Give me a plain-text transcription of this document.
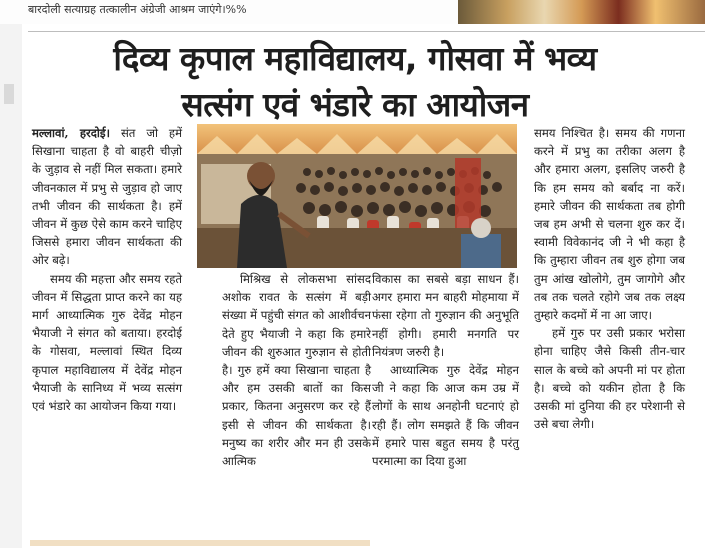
बारदोली सत्याग्रह तत्कालीन अंग्रेजी आश्रम जाएंगे।%%
दिव्य कृपाल महाविद्यालय, गोसवा में भव्य
सत्संग एवं भंडारे का आयोजन

मल्लावां, हरदोई। संत जो हमें सिखाना चाहता है वो बाहरी चीज़ो के जुड़ाव से नहीं मिल सकता। हमारे जीवनकाल में प्रभु से जुड़ाव हो जाए तभी जीवन की सार्थकता है। हमें जीवन में कुछ ऐसे काम करने चाहिए जिससे हमारा जीवन सार्थकता की ओर बढ़े।

समय की महत्ता और समय रहते जीवन में सिद्धता प्राप्त करने का यह मार्ग आध्यात्मिक गुरु देवेंद्र मोहन भैयाजी ने संगत को बताया। हरदोई के गोसवा, मल्लावां स्थित दिव्य कृपाल महाविद्यालय में देवेंद्र मोहन भैयाजी के सानिध्य में भव्य सत्संग एवं भंडारे का आयोजन किया गया।

मिश्रिख से लोकसभा सांसद अशोक रावत के सत्संग में बड़ी संख्या में पहुंची संगत को आशीर्वचन देते हुए भैयाजी ने कहा कि हमारे जीवन की शुरुआत गुरुज्ञान से होती है। गुरु हमें क्या सिखाना चाहता है और हम उसकी बातों का किस प्रकार, कितना अनुसरण कर रहे हैं इसी से जीवन की सार्थकता है। मनुष्य का शरीर और मन ही उसके आत्मिक

विकास का सबसे बड़ा साधन हैं। अगर हमारा मन बाहरी मोहमाया में फंसा रहेगा तो गुरुज्ञान की अनुभूति नहीं होगी। हमारी मनगति पर नियंत्रण जरुरी है।

आध्यात्मिक गुरु देवेंद्र मोहन जी ने कहा कि आज कम उम्र में लोगों के साथ अनहोनी घटनाएं हो रही हैं। लोग समझते हैं कि जीवन में हमारे पास बहुत समय है परंतु परमात्मा का दिया हुआ

समय निश्चित है। समय की गणना करने में प्रभु का तरीका अलग है और हमारा अलग, इसलिए जरुरी है कि हम समय को बर्बाद ना करें। हमारे जीवन की सार्थकता तब होगी जब हम अभी से चलना शुरु कर दें। स्वामी विवेकानंद जी ने भी कहा है कि तुम्हारा जीवन तब शुरु होगा जब तुम आंख खोलोगे, तुम जागोगे और तब तक चलते रहोगे जब तक लक्ष्य तुम्हारे कदमों में ना आ जाए।

हमें गुरु पर उसी प्रकार भरोसा होना चाहिए जैसे किसी तीन-चार साल के बच्चे को अपनी मां पर होता है। बच्चे को यकीन होता है कि उसकी मां दुनिया की हर परेशानी से उसे बचा लेगी।
